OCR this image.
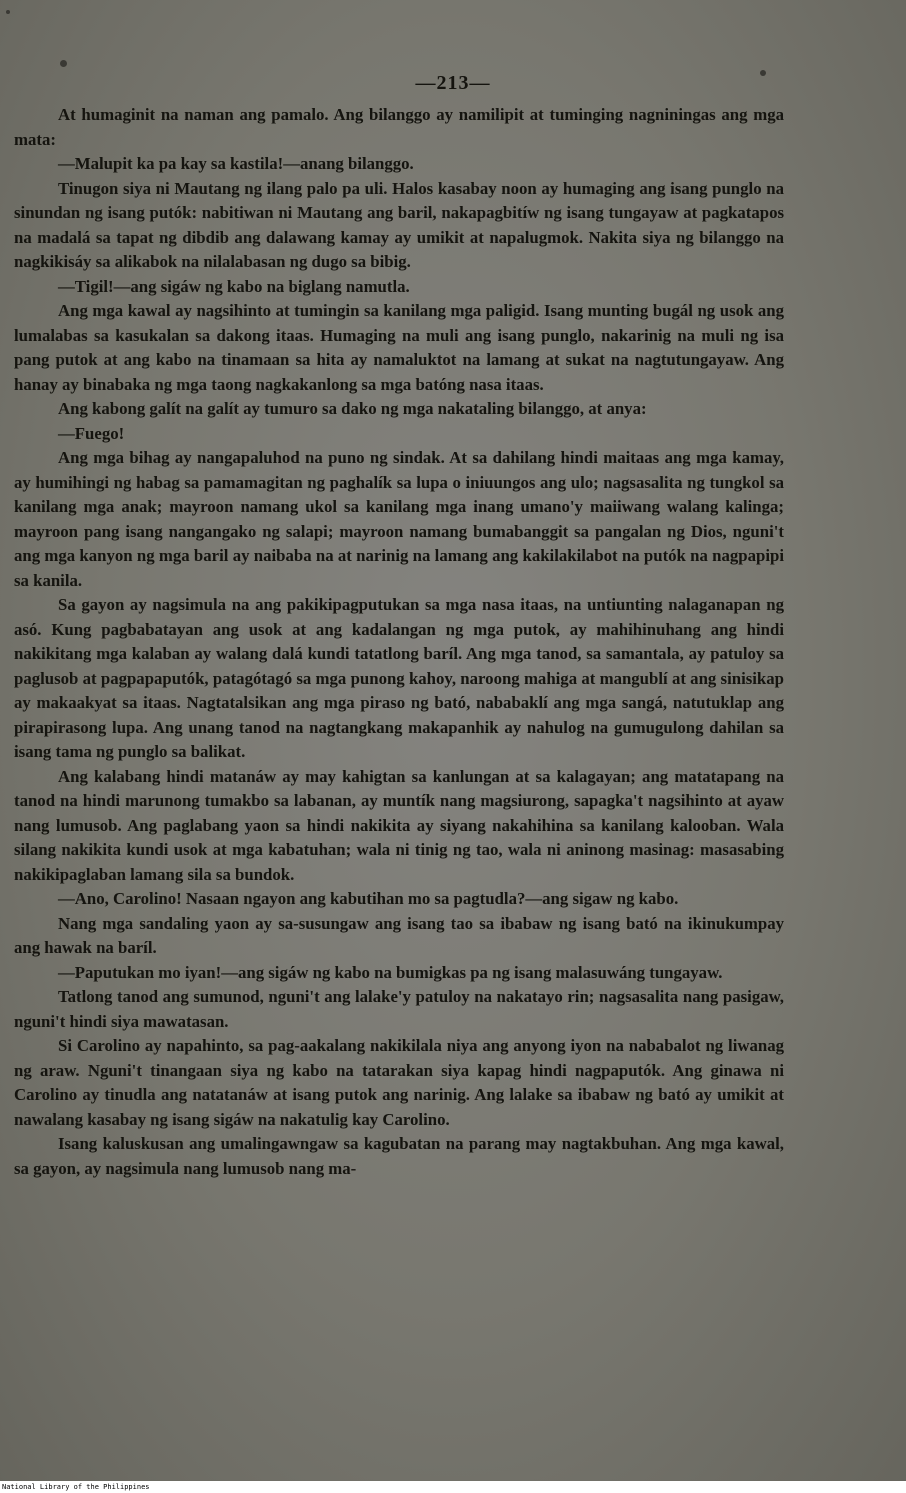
—213—

At humaginit na naman ang pamalo. Ang bilanggo ay namilipit at tuminging nagniningas ang mga mata:

—Malupit ka pa kay sa kastila!—anang bilanggo.

Tinugon siya ni Mautang ng ilang palo pa uli. Halos kasabay noon ay humaging ang isang punglo na sinundan ng isang putók: nabitiwan ni Mautang ang baril, nakapagbitíw ng isang tungayaw at pagkatapos na madalá sa tapat ng dibdib ang dalawang kamay ay umikit at napalugmok. Nakita siya ng bilanggo na nagkikisáy sa alikabok na nilalabasan ng dugo sa bibig.

—Tigil!—ang sigáw ng kabo na biglang namutla.

Ang mga kawal ay nagsihinto at tumingin sa kanilang mga paligid. Isang munting bugál ng usok ang lumalabas sa kasukalan sa dakong itaas. Humaging na muli ang isang punglo, nakarinig na muli ng isa pang putok at ang kabo na tinamaan sa hita ay namaluktot na lamang at sukat na nagtutungayaw. Ang hanay ay binabaka ng mga taong nagkakanlong sa mga batóng nasa itaas.

Ang kabong galít na galít ay tumuro sa dako ng mga nakataling bilanggo, at anya:

—Fuego!

Ang mga bihag ay nangapaluhod na puno ng sindak. At sa dahilang hindi maitaas ang mga kamay, ay humihingi ng habag sa pamamagitan ng paghalík sa lupa o iniuungos ang ulo; nagsasalita ng tungkol sa kanilang mga anak; mayroon namang ukol sa kanilang mga inang umano'y maiiwang walang kalinga; mayroon pang isang nangangako ng salapi; mayroon namang bumabanggit sa pangalan ng Dios, nguni't ang mga kanyon ng mga baril ay naibaba na at narinig na lamang ang kakilakilabot na putók na nagpapipi sa kanila.

Sa gayon ay nagsimula na ang pakikipagputukan sa mga nasa itaas, na untiunting nalaganapan ng asó. Kung pagbabatayan ang usok at ang kadalangan ng mga putok, ay mahihinuhang ang hindi nakikitang mga kalaban ay walang dalá kundi tatatlong baríl. Ang mga tanod, sa samantala, ay patuloy sa paglusob at pagpapaputók, patagótagó sa mga punong kahoy, naroong mahiga at mangublí at ang sinisikap ay makaakyat sa itaas. Nagtatalsikan ang mga piraso ng bató, nababaklí ang mga sangá, natutuklap ang pirapirasong lupa. Ang unang tanod na nagtangkang makapanhik ay nahulog na gumugulong dahilan sa isang tama ng punglo sa balikat.

Ang kalabang hindi matanáw ay may kahigtan sa kanlungan at sa kalagayan; ang matatapang na tanod na hindi marunong tumakbo sa labanan, ay muntík nang magsiurong, sapagka't nagsihinto at ayaw nang lumusob. Ang paglabang yaon sa hindi nakikita ay siyang nakahihina sa kanilang kalooban. Wala silang nakikita kundi usok at mga kabatuhan; wala ni tinig ng tao, wala ni aninong masinag: masasabing nakikipaglaban lamang sila sa bundok.

—Ano, Carolino! Nasaan ngayon ang kabutihan mo sa pagtudla?—ang sigaw ng kabo.

Nang mga sandaling yaon ay sa-susungaw ang isang tao sa ibabaw ng isang bató na ikinukumpay ang hawak na baríl.

—Paputukan mo iyan!—ang sigáw ng kabo na bumigkas pa ng isang malasuwáng tungayaw.

Tatlong tanod ang sumunod, nguni't ang lalake'y patuloy na nakatayo rin; nagsasalita nang pasigaw, nguni't hindi siya mawatasan.

Si Carolino ay napahinto, sa pag-aakalang nakikilala niya ang anyong iyon na nababalot ng liwanag ng araw. Nguni't tinangaan siya ng kabo na tatarakan siya kapag hindi nagpaputók. Ang ginawa ni Carolino ay tinudla ang natatanáw at isang putok ang narinig. Ang lalake sa ibabaw ng bató ay umikit at nawalang kasabay ng isang sigáw na nakatulig kay Carolino.

Isang kaluskusan ang umalingawngaw sa kagubatan na parang may nagtakbuhan. Ang mga kawal, sa gayon, ay nagsimula nang lumusob nang ma-

National Library of the Philippines
